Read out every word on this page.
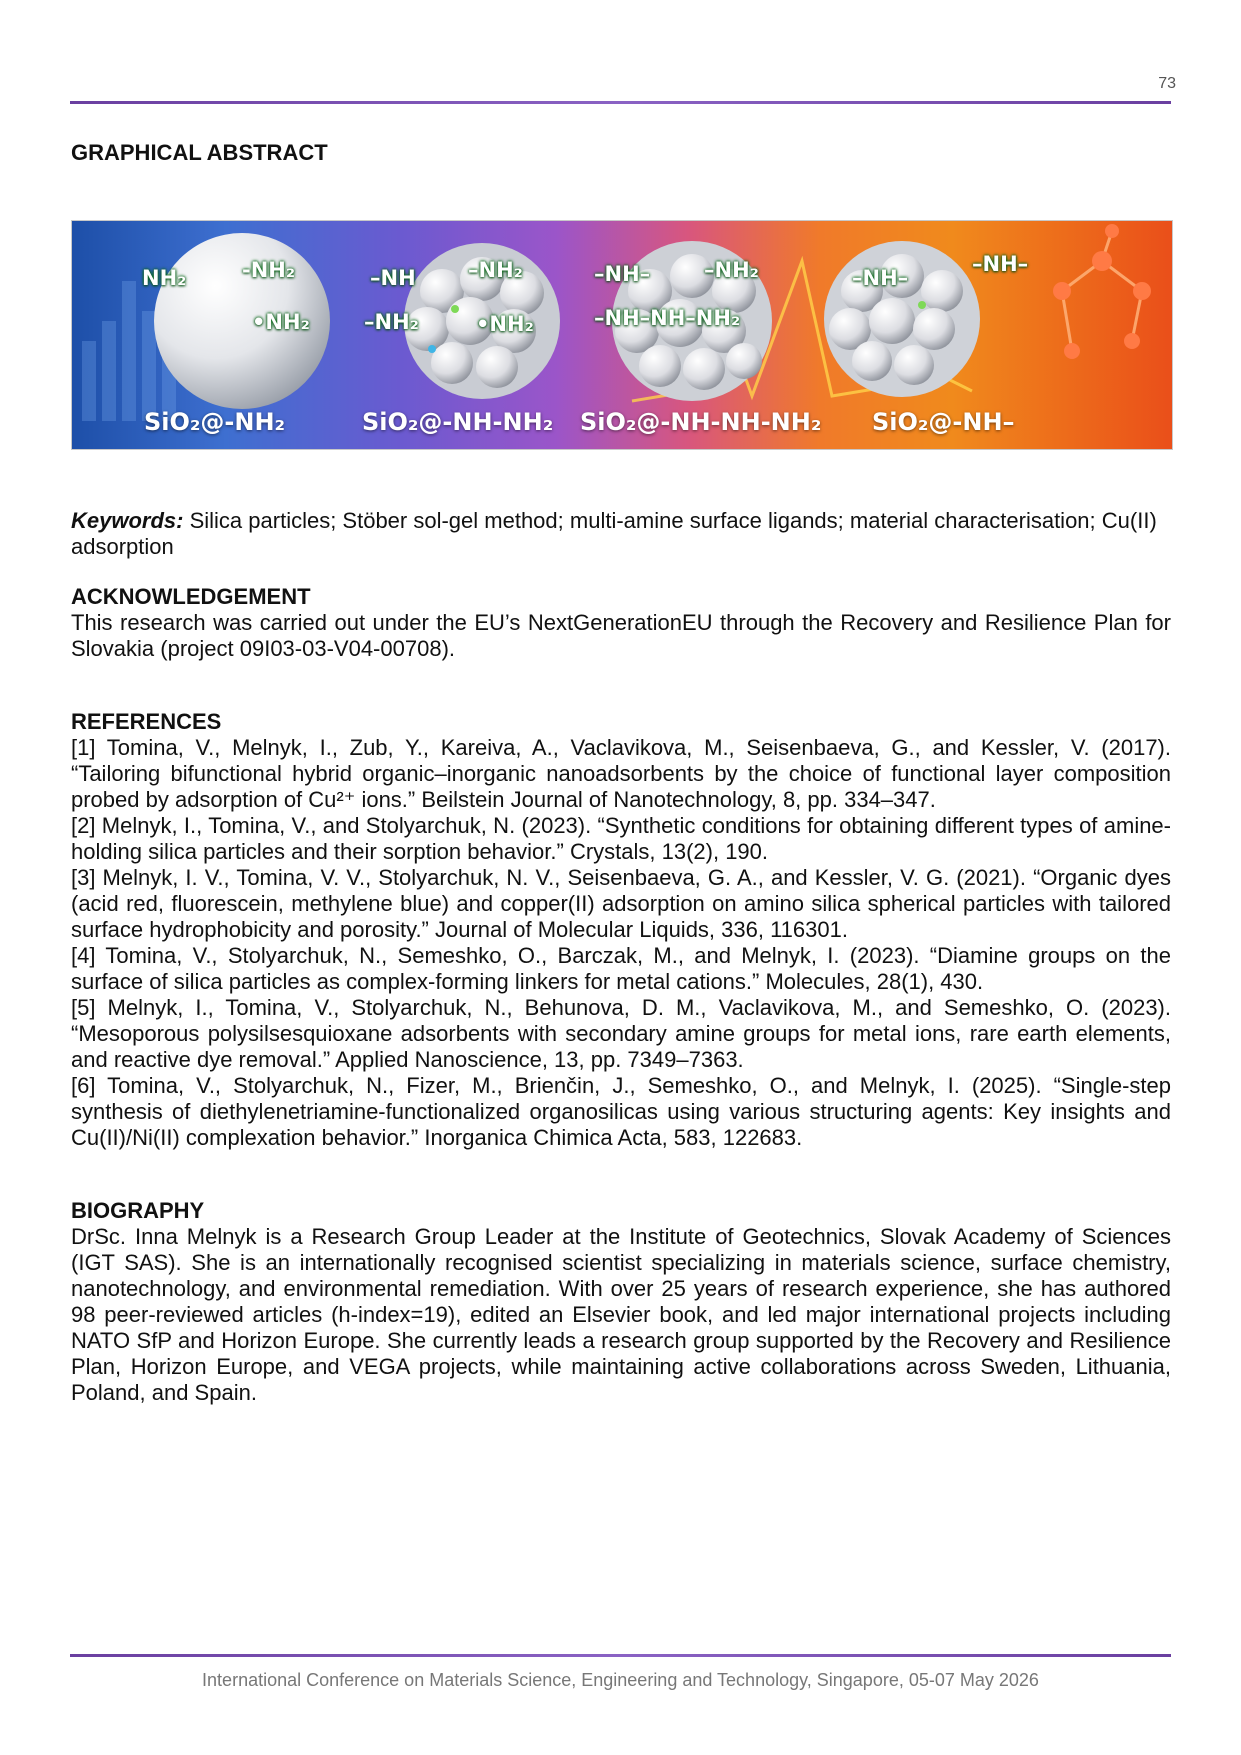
73
GRAPHICAL ABSTRACT
NH₂	-NH₂
•NH₂
–NH –NH₂
–NH₂	•NH₂
–NH–	–NH₂
–NH–NH–NH₂
–NH–
–NH–
SiO₂@-NH₂	SiO₂@-NH-NH₂ SiO₂@-NH-NH-NH₂ SiO₂@-NH–
Keywords: Silica particles; Stöber sol-gel method; multi-amine surface ligands; material characterisation; Cu(II) adsorption
ACKNOWLEDGEMENT

This research was carried out under the EU’s NextGenerationEU through the Recovery and Resilience Plan for Slovakia (project 09I03-03-V04-00708).

REFERENCES

[1] Tomina, V., Melnyk, I., Zub, Y., Kareiva, A., Vaclavikova, M., Seisenbaeva, G., and Kessler, V. (2017). “Tailoring bifunctional hybrid organic–inorganic nanoadsorbents by the choice of functional layer composition probed by adsorption of Cu²⁺ ions.” Beilstein Journal of Nanotechnology, 8, pp. 334–347.

[2] Melnyk, I., Tomina, V., and Stolyarchuk, N. (2023). “Synthetic conditions for obtaining different types of amine-holding silica particles and their sorption behavior.” Crystals, 13(2), 190.

[3] Melnyk, I. V., Tomina, V. V., Stolyarchuk, N. V., Seisenbaeva, G. A., and Kessler, V. G. (2021). “Organic dyes (acid red, fluorescein, methylene blue) and copper(II) adsorption on amino silica spherical particles with tailored surface hydrophobicity and porosity.” Journal of Molecular Liquids, 336, 116301.

[4] Tomina, V., Stolyarchuk, N., Semeshko, O., Barczak, M., and Melnyk, I. (2023). “Diamine groups on the surface of silica particles as complex-forming linkers for metal cations.” Molecules, 28(1), 430.

[5] Melnyk, I., Tomina, V., Stolyarchuk, N., Behunova, D. M., Vaclavikova, M., and Semeshko, O. (2023). “Mesoporous polysilsesquioxane adsorbents with secondary amine groups for metal ions, rare earth elements, and reactive dye removal.” Applied Nanoscience, 13, pp. 7349–7363.

[6] Tomina, V., Stolyarchuk, N., Fizer, M., Brienčin, J., Semeshko, O., and Melnyk, I. (2025). “Single-step synthesis of diethylenetriamine-functionalized organosilicas using various structuring agents: Key insights and Cu(II)/Ni(II) complexation behavior.” Inorganica Chimica Acta, 583, 122683.

BIOGRAPHY

DrSc. Inna Melnyk is a Research Group Leader at the Institute of Geotechnics, Slovak Academy of Sciences (IGT SAS). She is an internationally recognised scientist specializing in materials science, surface chemistry, nanotechnology, and environmental remediation. With over 25 years of research experience, she has authored 98 peer-reviewed articles (h-index=19), edited an Elsevier book, and led major international projects including NATO SfP and Horizon Europe. She currently leads a research group supported by the Recovery and Resilience Plan, Horizon Europe, and VEGA projects, while maintaining active collaborations across Sweden, Lithuania, Poland, and Spain.

International Conference on Materials Science, Engineering and Technology, Singapore, 05-07 May 2026
